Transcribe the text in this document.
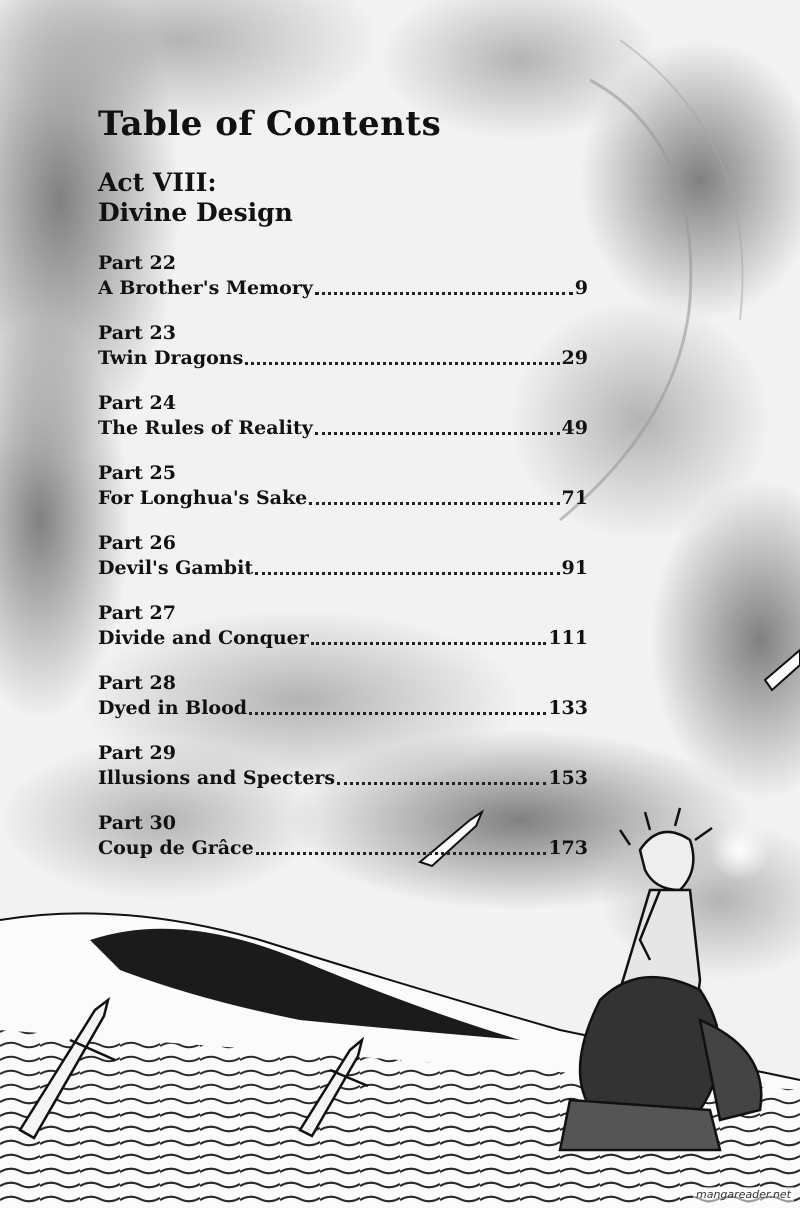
Table of Contents
Act VIII:
Divine Design
Part 22
A Brother's Memory	9
Part 23
Twin Dragons	29
Part 24
The Rules of Reality	49
Part 25
For Longhua's Sake	71
Part 26
Devil's Gambit	91
Part 27
Divide and Conquer	111
Part 28
Dyed in Blood	133
Part 29
Illusions and Specters	153
Part 30
Coup de Grâce	173
mangareader.net
